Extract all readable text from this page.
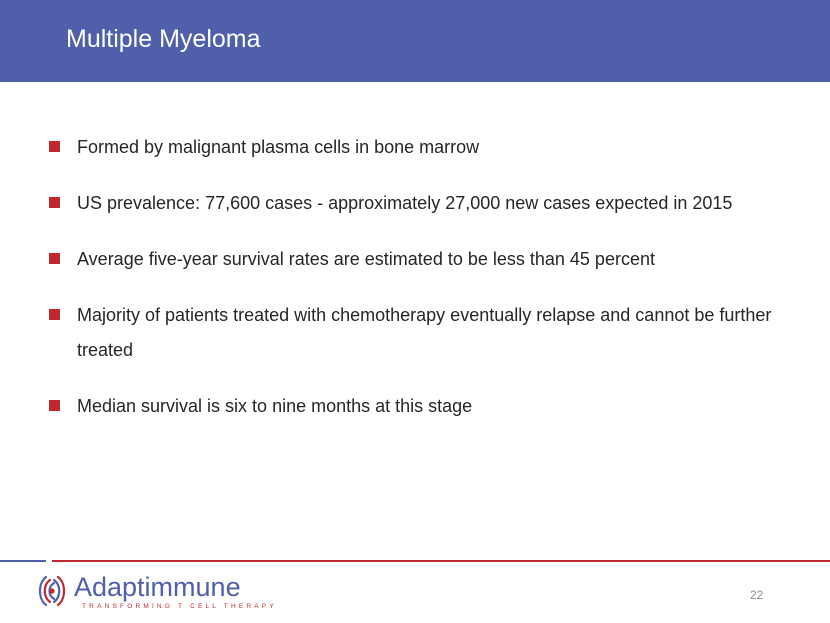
Multiple Myeloma
Formed by malignant plasma cells in bone marrow
US prevalence: 77,600 cases - approximately 27,000 new cases expected in 2015
Average five-year survival rates are estimated to be less than 45 percent
Majority of patients treated with chemotherapy eventually relapse and cannot be further treated
Median survival is six to nine months at this stage
Adaptimmune
TRANSFORMING T CELL THERAPY
22
